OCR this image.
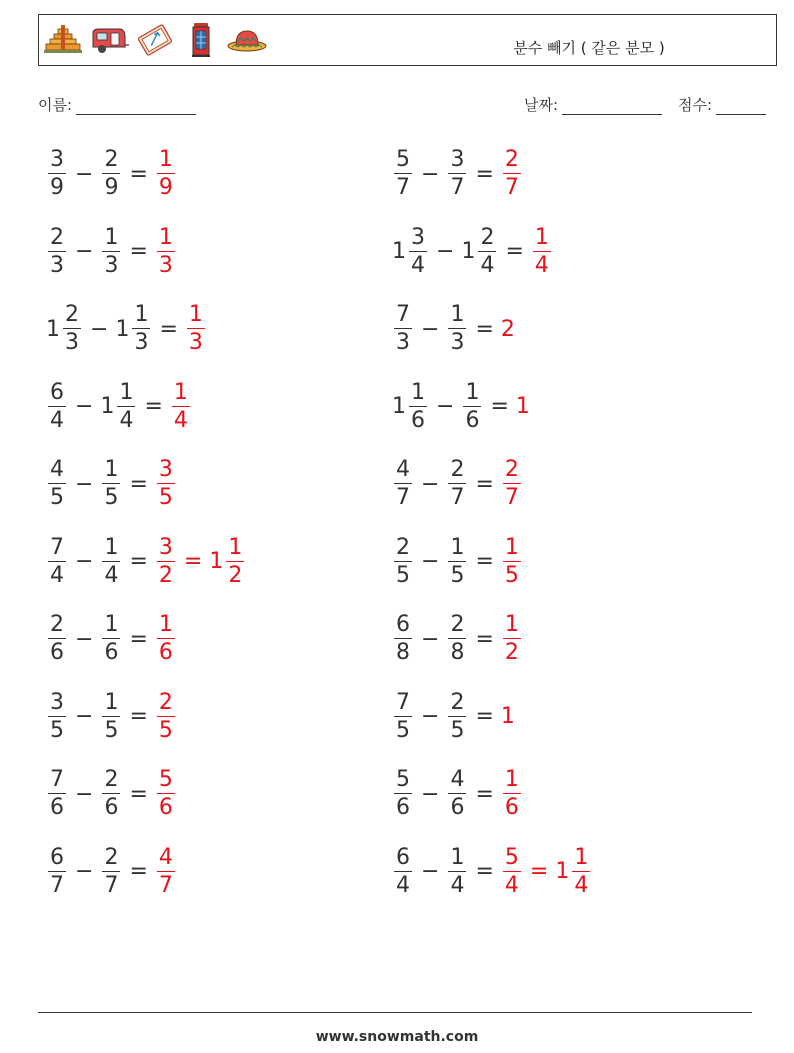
분수 빼기 ( 같은 분모 )
이름:	날짜:	점수:
$\frac{3}{9} - \frac{2}{9} = \frac{1}{9}$
$\frac{2}{3} - \frac{1}{3} = \frac{1}{3}$
$1 \frac{2}{3} - 1 \frac{1}{3} = \frac{1}{3}$
$\frac{6}{4} - 1 \frac{1}{4} = \frac{1}{4}$
$\frac{4}{5} - \frac{1}{5} = \frac{3}{5}$
$\frac{7}{4} - \frac{1}{4} = \frac{3}{2} = 1 \frac{1}{2}$
$\frac{2}{6} - \frac{1}{6} = \frac{1}{6}$
$\frac{3}{5} - \frac{1}{5} = \frac{2}{5}$
$\frac{7}{6} - \frac{2}{6} = \frac{5}{6}$
$\frac{6}{7} - \frac{2}{7} = \frac{4}{7}$
$\frac{5}{7} - \frac{3}{7} = \frac{2}{7}$
$1 \frac{3}{4} - 1 \frac{2}{4} = \frac{1}{4}$
$\frac{7}{3} - \frac{1}{3} = 2$
$1 \frac{1}{6} - \frac{1}{6} = 1$
$\frac{4}{7} - \frac{2}{7} = \frac{2}{7}$
$\frac{2}{5} - \frac{1}{5} = \frac{1}{5}$
$\frac{6}{8} - \frac{2}{8} = \frac{1}{2}$
$\frac{7}{5} - \frac{2}{5} = 1$
$\frac{5}{6} - \frac{4}{6} = \frac{1}{6}$
$\frac{6}{4} - \frac{1}{4} = \frac{5}{4} = 1 \frac{1}{4}$
www.snowmath.com
